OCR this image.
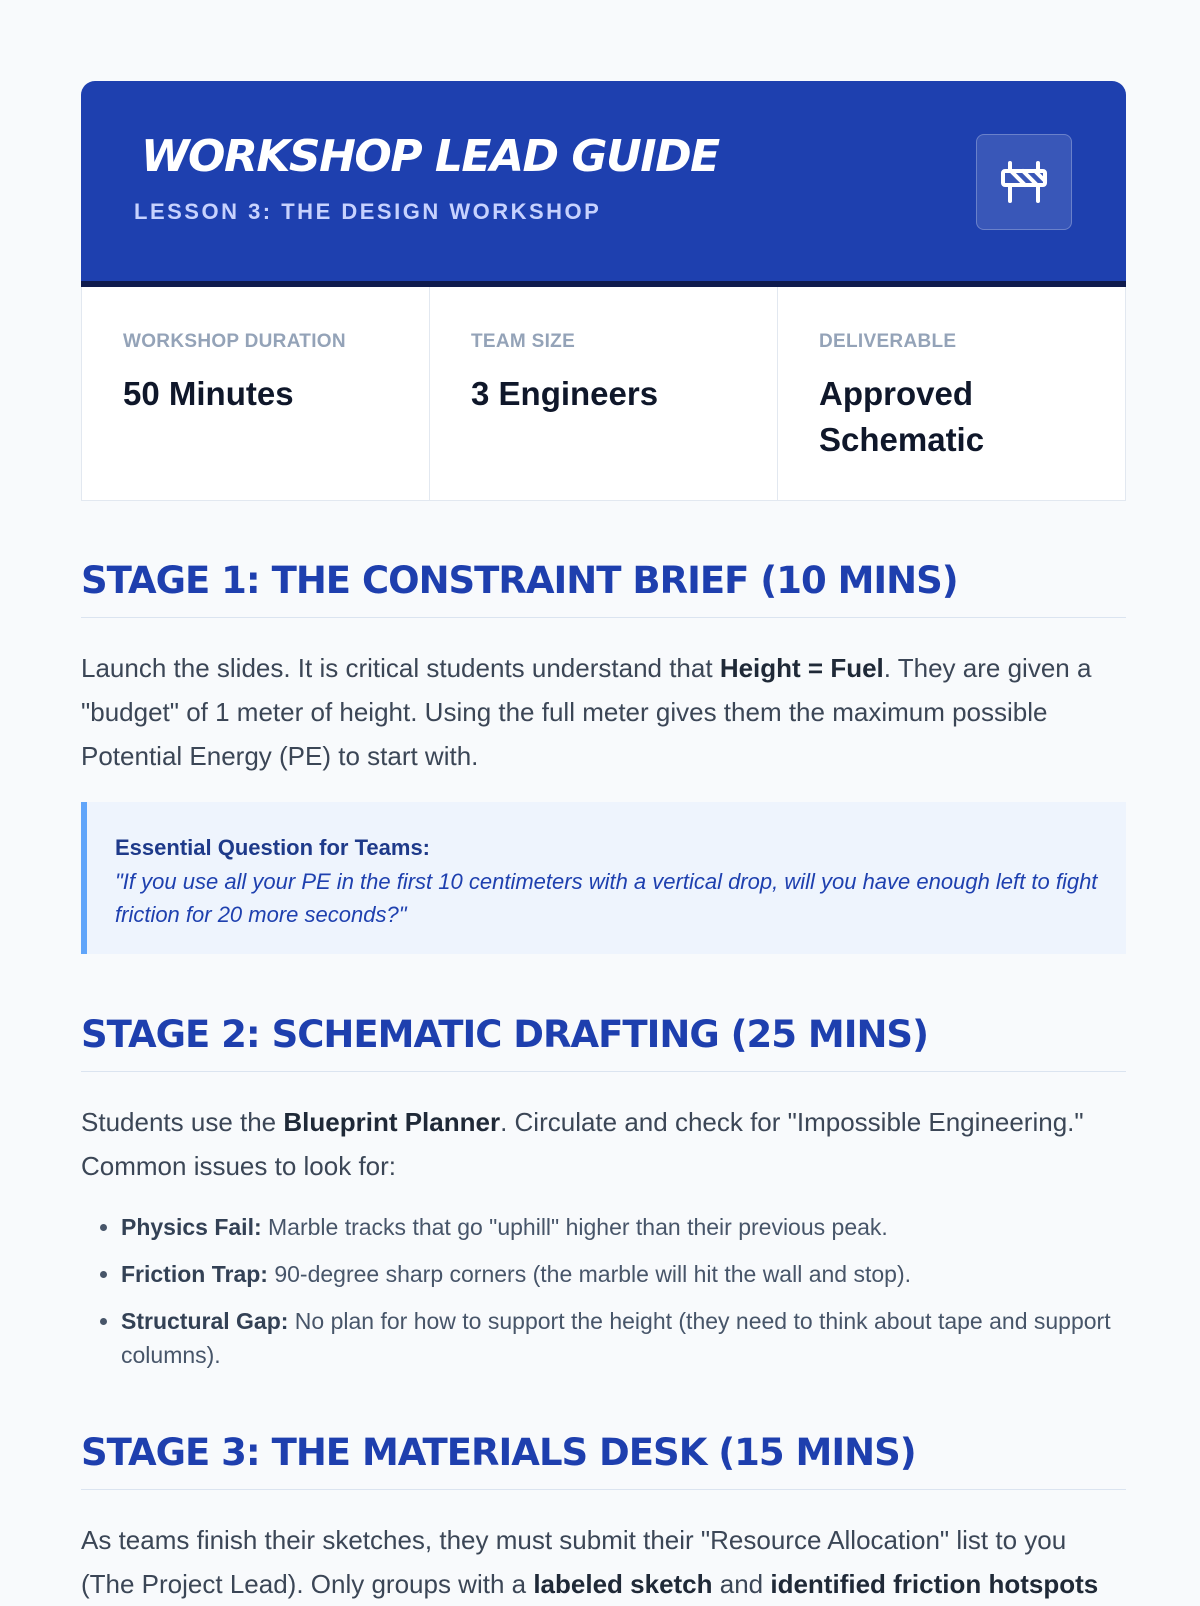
WORKSHOP LEAD GUIDE
LESSON 3: THE DESIGN WORKSHOP
WORKSHOP DURATION
50 Minutes
TEAM SIZE
3 Engineers
DELIVERABLE
Approved Schematic
STAGE 1: THE CONSTRAINT BRIEF (10 MINS)

Launch the slides. It is critical students understand that Height = Fuel. They are given a "budget" of 1 meter of height. Using the full meter gives them the maximum possible Potential Energy (PE) to start with.

Essential Question for Teams:
"If you use all your PE in the first 10 centimeters with a vertical drop, will you have enough left to fight friction for 20 more seconds?"
STAGE 2: SCHEMATIC DRAFTING (25 MINS)

Students use the Blueprint Planner. Circulate and check for "Impossible Engineering." Common issues to look for:

• Physics Fail: Marble tracks that go "uphill" higher than their previous peak.
• Friction Trap: 90-degree sharp corners (the marble will hit the wall and stop).
• Structural Gap: No plan for how to support the height (they need to think about tape and support columns).
STAGE 3: THE MATERIALS DESK (15 MINS)

As teams finish their sketches, they must submit their "Resource Allocation" list to you (The Project Lead). Only groups with a labeled sketch and identified friction hotspots
